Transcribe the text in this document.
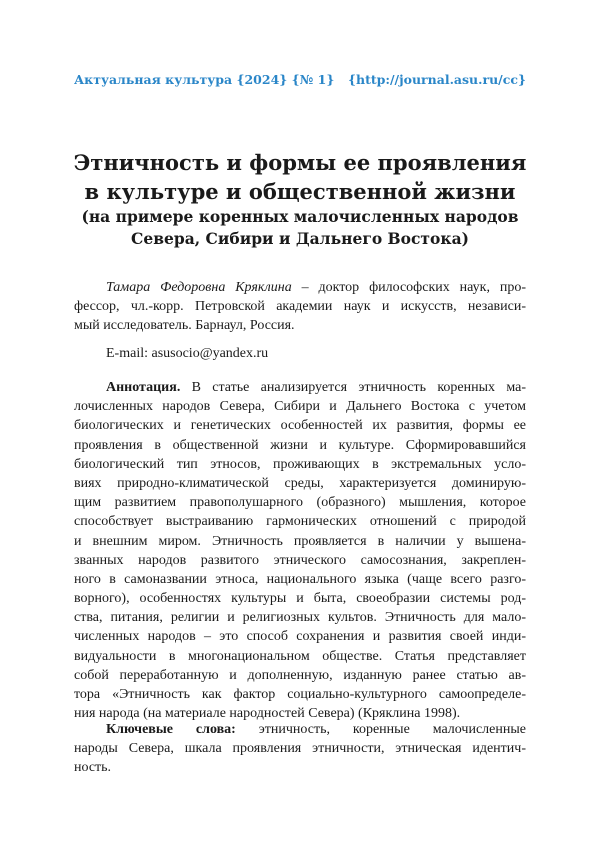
Актуальная культура {2024} {№ 1} {http://journal.asu.ru/cc}
Этничность и формы ее проявления
в культуре и общественной жизни
(на примере коренных малочисленных народов
Севера, Сибири и Дальнего Востока)
Тамара Федоровна Кряклина – доктор философских наук, про-
фессор, чл.-корр. Петровской академии наук и искусств, независи-
мый исследователь. Барнаул, Россия.
E-mail: asusocio@yandex.ru
Аннотация. В статье анализируется этничность коренных ма-
лочисленных народов Севера, Сибири и Дальнего Востока с учетом
биологических и генетических особенностей их развития, формы ее
проявления в общественной жизни и культуре. Сформировавшийся
биологический тип этносов, проживающих в экстремальных усло-
виях природно-климатической среды, характеризуется доминирую-
щим развитием правополушарного (образного) мышления, которое
способствует выстраиванию гармонических отношений с природой
и внешним миром. Этничность проявляется в наличии у вышена-
званных народов развитого этнического самосознания, закреплен-
ного в самоназвании этноса, национального языка (чаще всего разго-
ворного), особенностях культуры и быта, своеобразии системы род-
ства, питания, религии и религиозных культов. Этничность для мало-
численных народов – это способ сохранения и развития своей инди-
видуальности в многонациональном обществе. Статья представляет
собой переработанную и дополненную, изданную ранее статью ав-
тора «Этничность как фактор социально-культурного самоопределе-
ния народа (на материале народностей Севера) (Кряклина 1998).
Ключевые слова: этничность, коренные малочисленные
народы Севера, шкала проявления этничности, этническая идентич-
ность.
